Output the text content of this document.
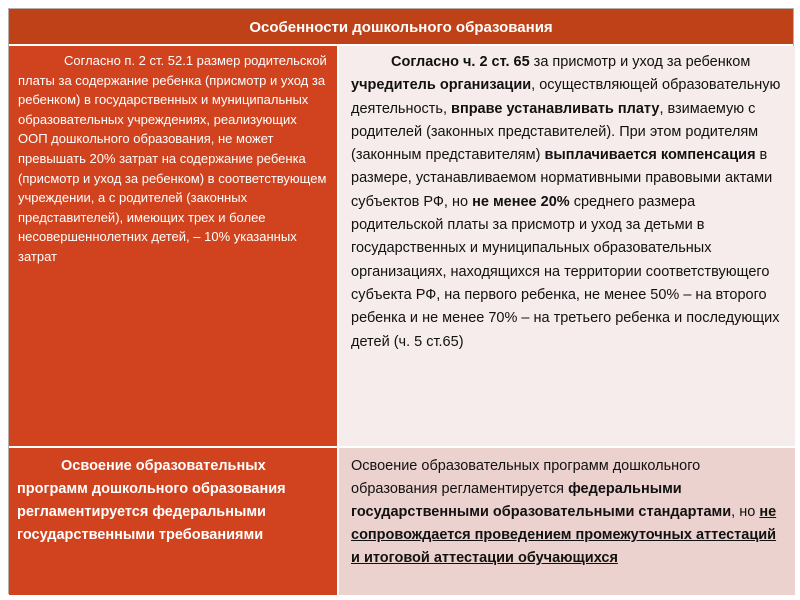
Особенности дошкольного образования
Согласно п. 2 ст. 52.1 размер родительской платы за содержание ребенка (присмотр и уход за ребенком) в государственных и муниципальных образовательных учреждениях, реализующих ООП дошкольного образования, не может превышать 20% затрат на содержание ребенка (присмотр и уход за ребенком) в соответствующем учреждении, а с родителей (законных представителей), имеющих трех и более несовершеннолетних детей, – 10% указанных затрат
Согласно ч. 2 ст. 65 за присмотр и уход за ребенком учредитель организации, осуществляющей образовательную деятельность, вправе устанавливать плату, взимаемую с родителей (законных представителей). При этом родителям (законным представителям) выплачивается компенсация в размере, устанавливаемом нормативными правовыми актами субъектов РФ, но не менее 20% среднего размера родительской платы за присмотр и уход за детьми в государственных и муниципальных образовательных организациях, находящихся на территории соответствующего субъекта РФ, на первого ребенка, не менее 50% – на второго ребенка и не менее 70% – на третьего ребенка и последующих детей (ч. 5 ст.65)
Освоение образовательных программ дошкольного образования регламентируется федеральными государственными требованиями
Освоение образовательных программ дошкольного образования регламентируется федеральными государственными образовательными стандартами, но не сопровождается проведением промежуточных аттестаций и итоговой аттестации обучающихся
